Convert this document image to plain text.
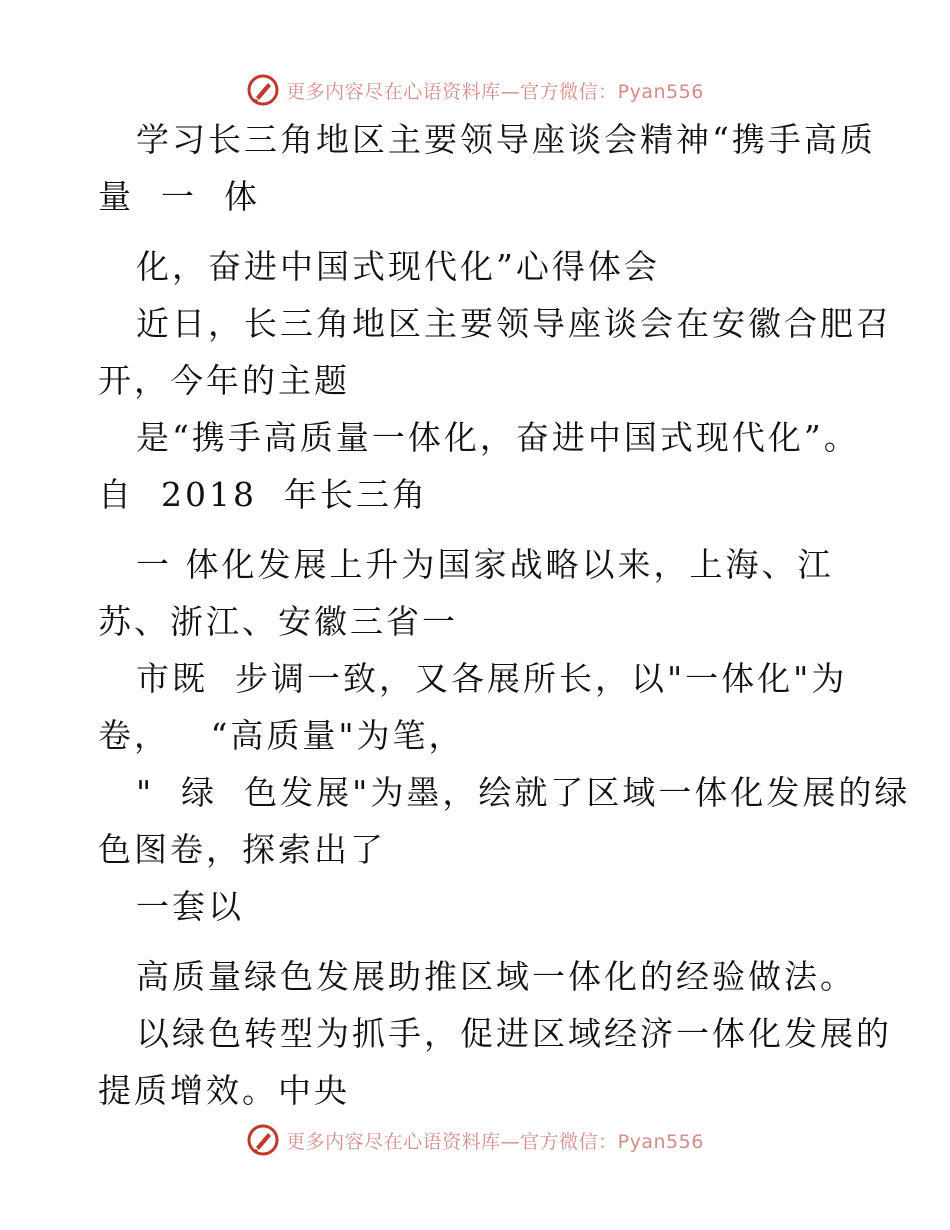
更多内容尽在心语资料库—官方微信：Pyan556
学习长三角地区主要领导座谈会精神“携手高质
量  一  体
化，奋进中国式现代化”心得体会
近日，长三角地区主要领导座谈会在安徽合肥召
开，今年的主题
是“携手高质量一体化，奋进中国式现代化”。
自  2018  年长三角
一 体化发展上升为国家战略以来，上海、江
苏、浙江、安徽三省一
市既  步调一致，又各展所长，以"一体化"为
卷，   “高质量"为笔，
"  绿  色发展"为墨，绘就了区域一体化发展的绿
色图卷，探索出了
一套以
高质量绿色发展助推区域一体化的经验做法。
以绿色转型为抓手，促进区域经济一体化发展的
提质增效。中央
更多内容尽在心语资料库—官方微信：Pyan556
